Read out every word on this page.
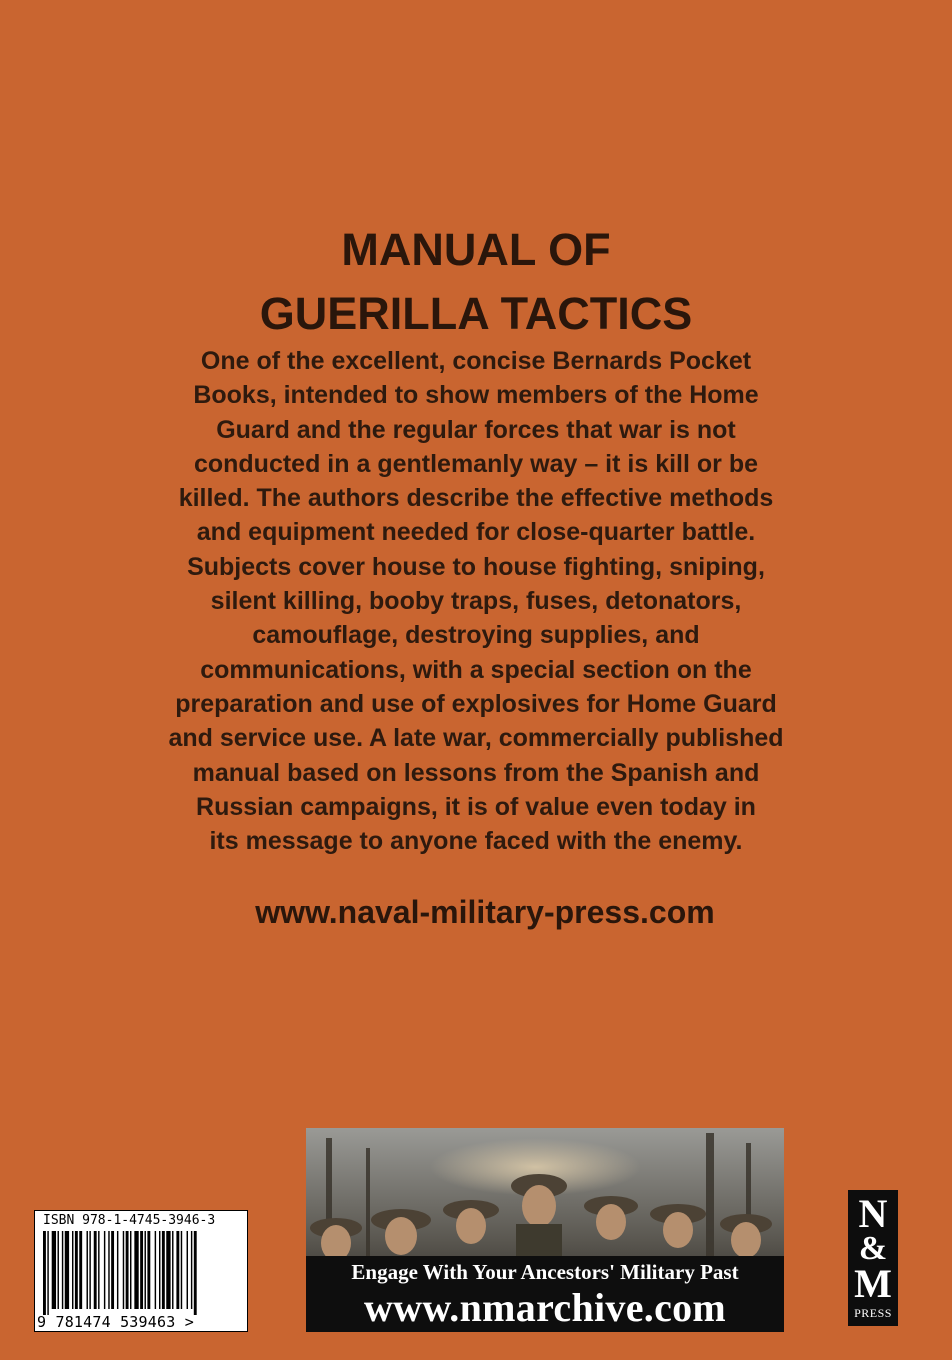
MANUAL OF
GUERILLA TACTICS
One of the excellent, concise Bernards Pocket
Books, intended to show members of the Home
Guard and the regular forces that war is not
conducted in a gentlemanly way – it is kill or be
killed. The authors describe the effective methods
and equipment needed for close-quarter battle.
Subjects cover house to house fighting, sniping,
silent killing, booby traps, fuses, detonators,
camouflage, destroying supplies, and
communications, with a special section on the
preparation and use of explosives for Home Guard
and service use. A late war, commercially published
manual based on lessons from the Spanish and
Russian campaigns, it is of value even today in
its message to anyone faced with the enemy.
www.naval-military-press.com
ISBN 978-1-4745-3946-3
9 781474 539463 >
Engage With Your Ancestors' Military Past
www.nmarchive.com
N
&
M
PRESS
